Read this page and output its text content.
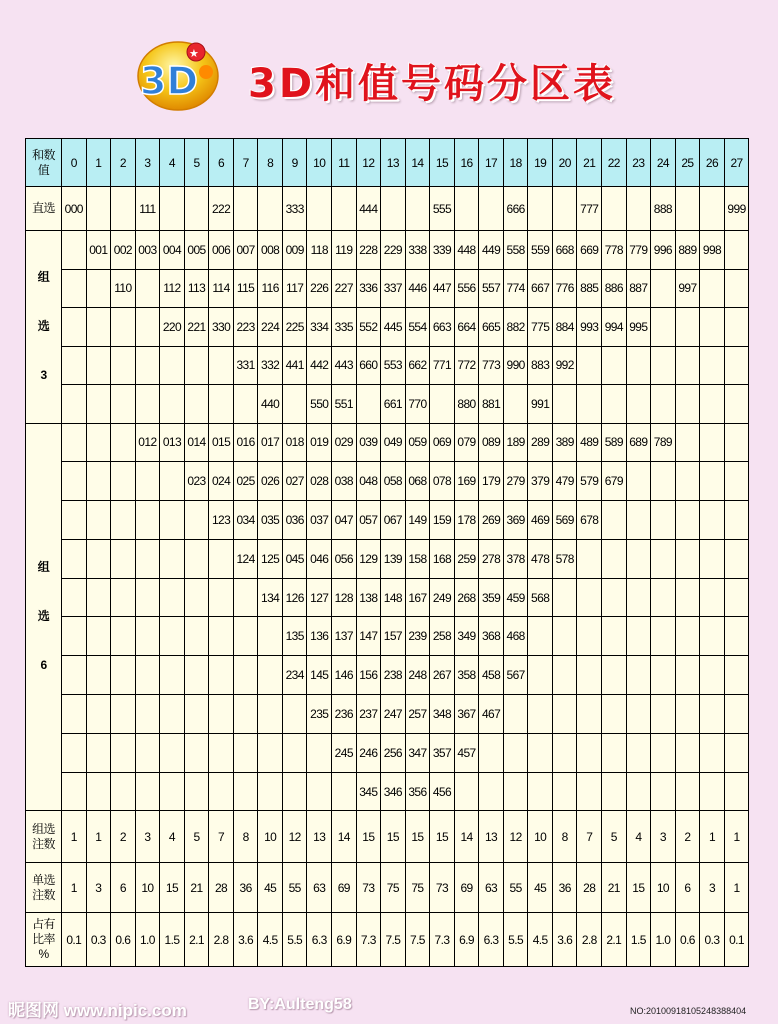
3D
★
3D和值号码分区表
和数
值	0	1	2	3	4	5	6	7	8	9	10	11	12	13	14	15	16	17	18	19	20	21	22	23	24	25	26	27
直选	000			111			222			333			444			555			666			777			888			999

组
选
3		001	002	003	004	005	006	007	008	009	118	119	228	229	338	339	448	449	558	559	668	669	778	779	996	889	998	
			110		112	113	114	115	116	117	226	227	336	337	446	447	556	557	774	667	776	885	886	887		997		
					220	221	330	223	224	225	334	335	552	445	554	663	664	665	882	775	884	993	994	995				
								331	332	441	442	443	660	553	662	771	772	773	990	883	992							
									440		550	551		661	770		880	881		991								

组
选
6				012	013	014	015	016	017	018	019	029	039	049	059	069	079	089	189	289	389	489	589	689	789			
						023	024	025	026	027	028	038	048	058	068	078	169	179	279	379	479	579	679					
							123	034	035	036	037	047	057	067	149	159	178	269	369	469	569	678						
								124	125	045	046	056	129	139	158	168	259	278	378	478	578							
									134	126	127	128	138	148	167	249	268	359	459	568								
										135	136	137	147	157	239	258	349	368	468									
										234	145	146	156	238	248	267	358	458	567									
											235	236	237	247	257	348	367	467										
												245	246	256	347	357	457											
													345	346	356	456												

组选
注数	1	1	2	3	4	5	7	8	10	12	13	14	15	15	15	15	14	13	12	10	8	7	5	4	3	2	1	1

单选
注数	1	3	6	10	15	21	28	36	45	55	63	69	73	75	75	73	69	63	55	45	36	28	21	15	10	6	3	1

占有
比率
%	0.1	0.3	0.6	1.0	1.5	2.1	2.8	3.6	4.5	5.5	6.3	6.9	7.3	7.5	7.5	7.3	6.9	6.3	5.5	4.5	3.6	2.8	2.1	1.5	1.0	0.6	0.3	0.1
昵图网 www.nipic.com	BY:Aulteng58	NO:20100918105248388404
